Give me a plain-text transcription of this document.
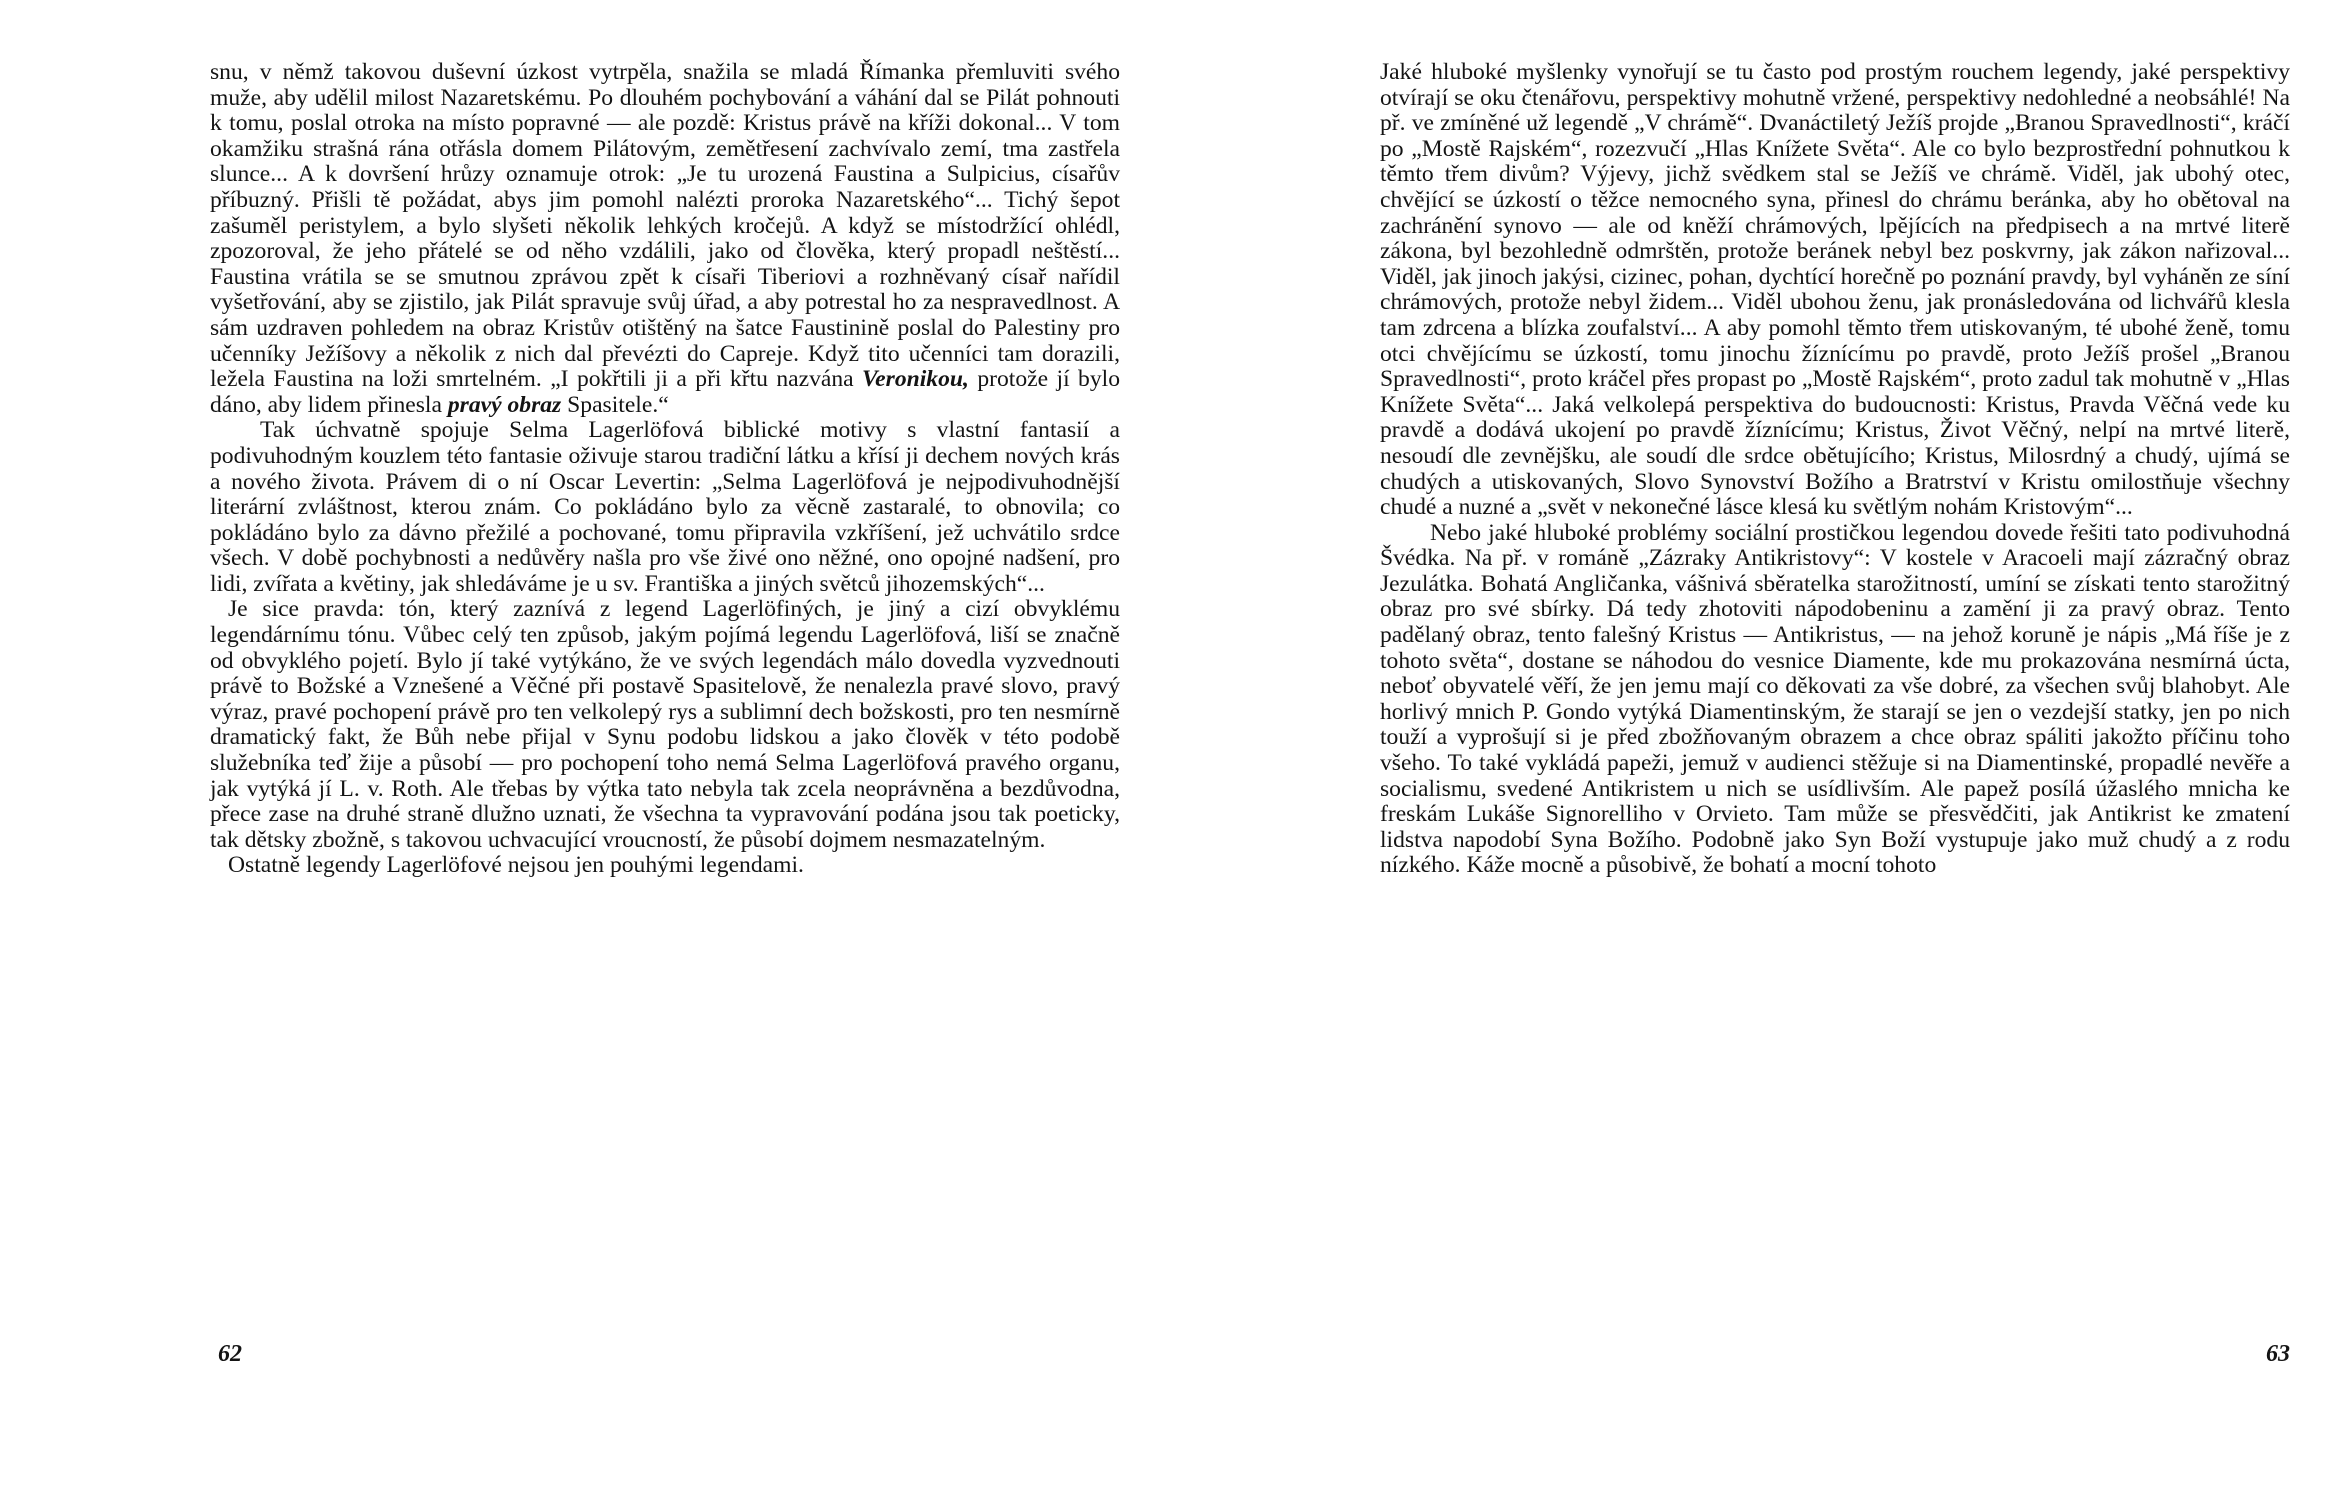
snu, v němž takovou duševní úzkost vytrpěla, snažila se mladá Římanka přemluviti svého muže, aby udělil milost Nazaretskému. Po dlouhém pochybování a váhání dal se Pilát pohnouti k tomu, poslal otroka na místo popravné — ale pozdě: Kristus právě na kříži dokonal... V tom okamžiku strašná rána otřásla domem Pilátovým, zemětřesení zachvívalo zemí, tma zastřela slunce... A k dovršení hrůzy oznamuje otrok: „Je tu urozená Faustina a Sulpicius, císařův příbuzný. Přišli tě požádat, abys jim pomohl nalézti proroka Nazaretského“... Tichý šepot zašuměl peristylem, a bylo slyšeti několik lehkých kročejů. A když se místodržící ohlédl, zpozoroval, že jeho přátelé se od něho vzdálili, jako od člověka, který propadl neštěstí... Faustina vrátila se se smutnou zprávou zpět k císaři Tiberiovi a rozhněvaný císař nařídil vyšetřování, aby se zjistilo, jak Pilát spravuje svůj úřad, a aby potrestal ho za nespravedlnost. A sám uzdraven pohledem na obraz Kristův otištěný na šatce Faustinině poslal do Palestiny pro učenníky Ježíšovy a několik z nich dal převézti do Capreje. Když tito učenníci tam dorazili, ležela Faustina na loži smrtelném. „I pokřtili ji a při křtu nazvána Veronikou, protože jí bylo dáno, aby lidem přinesla pravý obraz Spasitele.“

Tak úchvatně spojuje Selma Lagerlöfová biblické motivy s vlastní fantasií a podivuhodným kouzlem této fantasie oživuje starou tradiční látku a křísí ji dechem nových krás a nového života. Právem di o ní Oscar Levertin: „Selma Lagerlöfová je nejpodivuhodnější literární zvláštnost, kterou znám. Co pokládáno bylo za věcně zastaralé, to obnovila; co pokládáno bylo za dávno přežilé a pochované, tomu připravila vzkříšení, jež uchvátilo srdce všech. V době pochybnosti a nedůvěry našla pro vše živé ono něžné, ono opojné nadšení, pro lidi, zvířata a květiny, jak shledáváme je u sv. Františka a jiných světců jihozemských“...

Je sice pravda: tón, který zaznívá z legend Lagerlöfiných, je jiný a cizí obvyklému legendárnímu tónu. Vůbec celý ten způsob, jakým pojímá legendu Lagerlöfová, liší se značně od obvyklého pojetí. Bylo jí také vytýkáno, že ve svých legendách málo dovedla vyzvednouti právě to Božské a Vznešené a Věčné při postavě Spasitelově, že nenalezla pravé slovo, pravý výraz, pravé pochopení právě pro ten velkolepý rys a sublimní dech božskosti, pro ten nesmírně dramatický fakt, že Bůh nebe přijal v Synu podobu lidskou a jako člověk v této podobě služebníka teď žije a působí — pro pochopení toho nemá Selma Lagerlöfová pravého organu, jak vytýká jí L. v. Roth. Ale třebas by výtka tato nebyla tak zcela neoprávněna a bezdůvodna, přece zase na druhé straně dlužno uznati, že všechna ta vypravování podána jsou tak poeticky, tak dětsky zbožně, s takovou uchvacující vroucností, že působí dojmem nesmazatelným.

Ostatně legendy Lagerlöfové nejsou jen pouhými legendami.

62

Jaké hluboké myšlenky vynořují se tu často pod prostým rouchem legendy, jaké perspektivy otvírají se oku čtenářovu, perspektivy mohutně vržené, perspektivy nedohledné a neobsáhlé! Na př. ve zmíněné už legendě „V chrámě“. Dvanáctiletý Ježíš projde „Branou Spravedlnosti“, kráčí po „Mostě Rajském“, rozezvučí „Hlas Knížete Světa“. Ale co bylo bezprostřední pohnutkou k těmto třem divům? Výjevy, jichž svědkem stal se Ježíš ve chrámě. Viděl, jak ubohý otec, chvějící se úzkostí o těžce nemocného syna, přinesl do chrámu beránka, aby ho obětoval na zachránění synovo — ale od kněží chrámových, lpějících na předpisech a na mrtvé literě zákona, byl bezohledně odmrštěn, protože beránek nebyl bez poskvrny, jak zákon nařizoval... Viděl, jak jinoch jakýsi, cizinec, pohan, dychtící horečně po poznání pravdy, byl vyháněn ze síní chrámových, protože nebyl židem... Viděl ubohou ženu, jak pronásledována od lichvářů klesla tam zdrcena a blízka zoufalství... A aby pomohl těmto třem utiskovaným, té ubohé ženě, tomu otci chvějícímu se úzkostí, tomu jinochu žíznícímu po pravdě, proto Ježíš prošel „Branou Spravedlnosti“, proto kráčel přes propast po „Mostě Rajském“, proto zadul tak mohutně v „Hlas Knížete Světa“... Jaká velkolepá perspektiva do budoucnosti: Kristus, Pravda Věčná vede ku pravdě a dodává ukojení po pravdě žíznícímu; Kristus, Život Věčný, nelpí na mrtvé literě, nesoudí dle zevnějšku, ale soudí dle srdce obětujícího; Kristus, Milosrdný a chudý, ujímá se chudých a utiskovaných, Slovo Synovství Božího a Bratrství v Kristu omilostňuje všechny chudé a nuzné a „svět v nekonečné lásce klesá ku světlým nohám Kristovým“...

Nebo jaké hluboké problémy sociální prostičkou legendou dovede řešiti tato podivuhodná Švédka. Na př. v románě „Zázraky Antikristovy“: V kostele v Aracoeli mají zázračný obraz Jezulátka. Bohatá Angličanka, vášnivá sběratelka starožitností, umíní se získati tento starožitný obraz pro své sbírky. Dá tedy zhotoviti nápodobeninu a zamění ji za pravý obraz. Tento padělaný obraz, tento falešný Kristus — Antikristus, — na jehož koruně je nápis „Má říše je z tohoto světa“, dostane se náhodou do vesnice Diamente, kde mu prokazována nesmírná úcta, neboť obyvatelé věří, že jen jemu mají co děkovati za vše dobré, za všechen svůj blahobyt. Ale horlivý mnich P. Gondo vytýká Diamentinským, že starají se jen o vezdejší statky, jen po nich touží a vyprošují si je před zbožňovaným obrazem a chce obraz spáliti jakožto příčinu toho všeho. To také vykládá papeži, jemuž v audienci stěžuje si na Diamentinské, propadlé nevěře a socialismu, svedené Antikristem u nich se usídlivším. Ale papež posílá úžaslého mnicha ke freskám Lukáše Signorelliho v Orvieto. Tam může se přesvědčiti, jak Antikrist ke zmatení lidstva napodobí Syna Božího. Podobně jako Syn Boží vystupuje jako muž chudý a z rodu nízkého. Káže mocně a působivě, že bohatí a mocní tohoto

63
